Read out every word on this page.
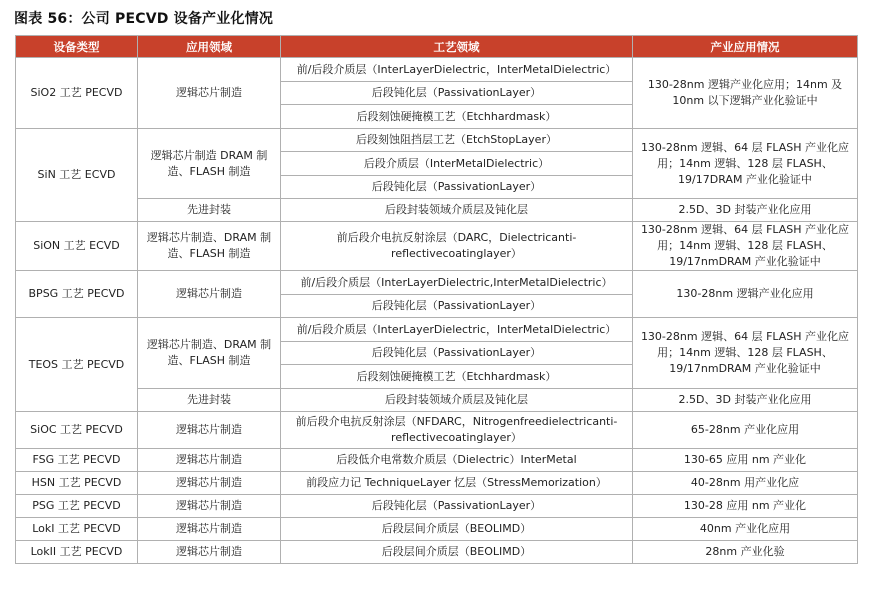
图表 56：公司 PECVD 设备产业化情况
设备类型	应用领域	工艺领域	产业应用情况
SiO2 工艺 PECVD	逻辑芯片制造	前/后段介质层（InterLayerDielectric，InterMetalDielectric）	130-28nm 逻辑产业化应用；14nm 及 10nm 以下逻辑产业化验证中
		后段钝化层（PassivationLayer）	
		后段刻蚀硬掩模工艺（Etchhardmask）	
SiN 工艺 ECVD	逻辑芯片制造 DRAM 制造、FLASH 制造	后段刻蚀阻挡层工艺（EtchStopLayer）	130-28nm 逻辑、64 层 FLASH 产业化应用；14nm 逻辑、128 层 FLASH、19/17DRAM 产业化验证中
		后段介质层（InterMetalDielectric）	
		后段钝化层（PassivationLayer）	
	先进封装	后段封装领域介质层及钝化层	2.5D、3D 封装产业化应用
SiON 工艺 ECVD	逻辑芯片制造、DRAM 制造、FLASH 制造	前后段介电抗反射涂层（DARC，Dielectricanti-reflectivecoatinglayer）	130-28nm 逻辑、64 层 FLASH 产业化应用；14nm 逻辑、128 层 FLASH、19/17nmDRAM 产业化验证中
BPSG 工艺 PECVD	逻辑芯片制造	前/后段介质层（InterLayerDielectric,InterMetalDielectric）	130-28nm 逻辑产业化应用
		后段钝化层（PassivationLayer）	
TEOS 工艺 PECVD	逻辑芯片制造、DRAM 制造、FLASH 制造	前/后段介质层（InterLayerDielectric，InterMetalDielectric）	130-28nm 逻辑、64 层 FLASH 产业化应用；14nm 逻辑、128 层 FLASH、19/17nmDRAM 产业化验证中
		后段钝化层（PassivationLayer）	
		后段刻蚀硬掩模工艺（Etchhardmask）	
	先进封装	后段封装领域介质层及钝化层	2.5D、3D 封装产业化应用
SiOC 工艺 PECVD	逻辑芯片制造	前后段介电抗反射涂层（NFDARC，Nitrogenfreedielectricanti-reflectivecoatinglayer）	65-28nm 产业化应用
FSG 工艺 PECVD	逻辑芯片制造	后段低介电常数介质层（Dielectric）InterMetal	130-65 应用 nm 产业化
HSN 工艺 PECVD	逻辑芯片制造	前段应力记 TechniqueLayer 忆层（StressMemorization）	40-28nm 用产业化应
PSG 工艺 PECVD	逻辑芯片制造	后段钝化层（PassivationLayer）	130-28 应用 nm 产业化
LokI 工艺 PECVD	逻辑芯片制造	后段层间介质层（BEOLIMD）	40nm 产业化应用
LokII 工艺 PECVD	逻辑芯片制造	后段层间介质层（BEOLIMD）	28nm 产业化验
